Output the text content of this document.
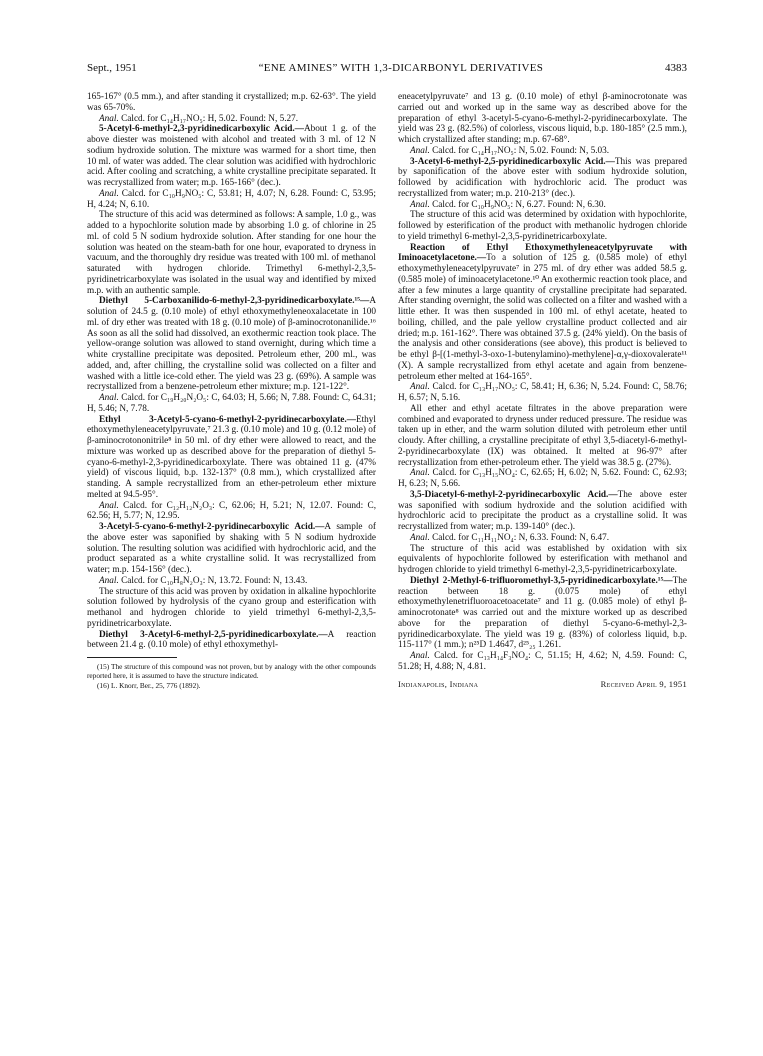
Sept., 1951	“ENE AMINES” WITH 1,3-DICARBONYL DERIVATIVES	4383

165-167° (0.5 mm.), and after standing it crystallized; m.p. 62-63°. The yield was 65-70%.

Anal. Calcd. for C₁₄H₁₇NO₅: H, 5.02. Found: N, 5.27.

5-Acetyl-6-methyl-2,3-pyridinedicarboxylic Acid.—About 1 g. of the above diester was moistened with alcohol and treated with 3 ml. of 12 N sodium hydroxide solution. The mixture was warmed for a short time, then 10 ml. of water was added. The clear solution was acidified with hydrochloric acid. After cooling and scratching, a white crystalline precipitate separated. It was recrystallized from water; m.p. 165-166° (dec.).

Anal. Calcd. for C₁₀H₉NO₅: C, 53.81; H, 4.07; N, 6.28. Found: C, 53.95; H, 4.24; N, 6.10.

The structure of this acid was determined as follows: A sample, 1.0 g., was added to a hypochlorite solution made by absorbing 1.0 g. of chlorine in 25 ml. of cold 5 N sodium hydroxide solution. After standing for one hour the solution was heated on the steam-bath for one hour, evaporated to dryness in vacuum, and the thoroughly dry residue was treated with 100 ml. of methanol saturated with hydrogen chloride. Trimethyl 6-methyl-2,3,5-pyridinetricarboxylate was isolated in the usual way and identified by mixed m.p. with an authentic sample.

Diethyl 5-Carboxanilido-6-methyl-2,3-pyridinedicarboxylate.¹⁵—A solution of 24.5 g. (0.10 mole) of ethyl ethoxymethyleneoxalacetate in 100 ml. of dry ether was treated with 18 g. (0.10 mole) of β-aminocrotonanilide.¹⁶ As soon as all the solid had dissolved, an exothermic reaction took place. The yellow-orange solution was allowed to stand overnight, during which time a white crystalline precipitate was deposited. Petroleum ether, 200 ml., was added, and, after chilling, the crystalline solid was collected on a filter and washed with a little ice-cold ether. The yield was 23 g. (69%). A sample was recrystallized from a benzene-petroleum ether mixture; m.p. 121-122°.

Anal. Calcd. for C₁₉H₂₀N₂O₅: C, 64.03; H, 5.66; N, 7.88. Found: C, 64.31; H, 5.46; N, 7.78.

Ethyl 3-Acetyl-5-cyano-6-methyl-2-pyridinecarboxylate.—Ethyl ethoxymethyleneacetylpyruvate,⁷ 21.3 g. (0.10 mole) and 10 g. (0.12 mole) of β-aminocrotononitrile⁸ in 50 ml. of dry ether were allowed to react, and the mixture was worked up as described above for the preparation of diethyl 5-cyano-6-methyl-2,3-pyridinedicarboxylate. There was obtained 11 g. (47% yield) of viscous liquid, b.p. 132-137° (0.8 mm.), which crystallized after standing. A sample recrystallized from an ether-petroleum ether mixture melted at 94.5-95°.

Anal. Calcd. for C₁₂H₁₂N₂O₃: C, 62.06; H, 5.21; N, 12.07. Found: C, 62.56; H, 5.77; N, 12.95.

3-Acetyl-5-cyano-6-methyl-2-pyridinecarboxylic Acid.—A sample of the above ester was saponified by shaking with 5 N sodium hydroxide solution. The resulting solution was acidified with hydrochloric acid, and the product separated as a white crystalline solid. It was recrystallized from water; m.p. 154-156° (dec.).

Anal. Calcd. for C₁₀H₈N₂O₃: N, 13.72. Found: N, 13.43.

The structure of this acid was proven by oxidation in alkaline hypochlorite solution followed by hydrolysis of the cyano group and esterification with methanol and hydrogen chloride to yield trimethyl 6-methyl-2,3,5-pyridinetricarboxylate.

Diethyl 3-Acetyl-6-methyl-2,5-pyridinedicarboxylate.—A reaction between 21.4 g. (0.10 mole) of ethyl ethoxymethyl-

(15) The structure of this compound was not proven, but by analogy with the other compounds reported here, it is assumed to have the structure indicated.

(16) L. Knorr, Ber., 25, 776 (1892).

eneacetylpyruvate⁷ and 13 g. (0.10 mole) of ethyl β-aminocrotonate was carried out and worked up in the same way as described above for the preparation of ethyl 3-acetyl-5-cyano-6-methyl-2-pyridinecarboxylate. The yield was 23 g. (82.5%) of colorless, viscous liquid, b.p. 180-185° (2.5 mm.), which crystallized after standing; m.p. 67-68°.

Anal. Calcd. for C₁₄H₁₇NO₅: N, 5.02. Found: N, 5.03.

3-Acetyl-6-methyl-2,5-pyridinedicarboxylic Acid.—This was prepared by saponification of the above ester with sodium hydroxide solution, followed by acidification with hydrochloric acid. The product was recrystallized from water; m.p. 210-213° (dec.).

Anal. Calcd. for C₁₀H₉NO₅: N, 6.27. Found: N, 6.30.

The structure of this acid was determined by oxidation with hypochlorite, followed by esterification of the product with methanolic hydrogen chloride to yield trimethyl 6-methyl-2,3,5-pyridinetricarboxylate.

Reaction of Ethyl Ethoxymethyleneacetylpyruvate with Iminoacetylacetone.—To a solution of 125 g. (0.585 mole) of ethyl ethoxymethyleneacetylpyruvate⁷ in 275 ml. of dry ether was added 58.5 g. (0.585 mole) of iminoacetylacetone.¹⁰ An exothermic reaction took place, and after a few minutes a large quantity of crystalline precipitate had separated. After standing overnight, the solid was collected on a filter and washed with a little ether. It was then suspended in 100 ml. of ethyl acetate, heated to boiling, chilled, and the pale yellow crystalline product collected and air dried; m.p. 161-162°. There was obtained 37.5 g. (24% yield). On the basis of the analysis and other considerations (see above), this product is believed to be ethyl β-[(1-methyl-3-oxo-1-butenylamino)-methylene]-α,γ-dioxovalerate¹¹ (X). A sample recrystallized from ethyl acetate and again from benzene-petroleum ether melted at 164-165°.

Anal. Calcd. for C₁₃H₁₇NO₅: C, 58.41; H, 6.36; N, 5.24. Found: C, 58.76; H, 6.57; N, 5.16.

All ether and ethyl acetate filtrates in the above preparation were combined and evaporated to dryness under reduced pressure. The residue was taken up in ether, and the warm solution diluted with petroleum ether until cloudy. After chilling, a crystalline precipitate of ethyl 3,5-diacetyl-6-methyl-2-pyridinecarboxylate (IX) was obtained. It melted at 96-97° after recrystallization from ether-petroleum ether. The yield was 38.5 g. (27%).

Anal. Calcd. for C₁₃H₁₅NO₄: C, 62.65; H, 6.02; N, 5.62. Found: C, 62.93; H, 6.23; N, 5.66.

3,5-Diacetyl-6-methyl-2-pyridinecarboxylic Acid.—The above ester was saponified with sodium hydroxide and the solution acidified with hydrochloric acid to precipitate the product as a crystalline solid. It was recrystallized from water; m.p. 139-140° (dec.).

Anal. Calcd. for C₁₁H₁₁NO₄: N, 6.33. Found: N, 6.47.

The structure of this acid was established by oxidation with six equivalents of hypochlorite followed by esterification with methanol and hydrogen chloride to yield trimethyl 6-methyl-2,3,5-pyridinetricarboxylate.

Diethyl 2-Methyl-6-trifluoromethyl-3,5-pyridinedicarboxylate.¹⁵—The reaction between 18 g. (0.075 mole) of ethyl ethoxymethylenetrifluoroacetoacetate⁷ and 11 g. (0.085 mole) of ethyl β-aminocrotonate⁸ was carried out and the mixture worked up as described above for the preparation of diethyl 5-cyano-6-methyl-2,3-pyridinedicarboxylate. The yield was 19 g. (83%) of colorless liquid, b.p. 115-117° (1 mm.); n²⁵D 1.4647, d²⁵₂₅ 1.261.

Anal. Calcd. for C₁₃H₁₄F₃NO₄: C, 51.15; H, 4.62; N, 4.59. Found: C, 51.28; H, 4.88; N, 4.81.

Indianapolis, Indiana	Received April 9, 1951
